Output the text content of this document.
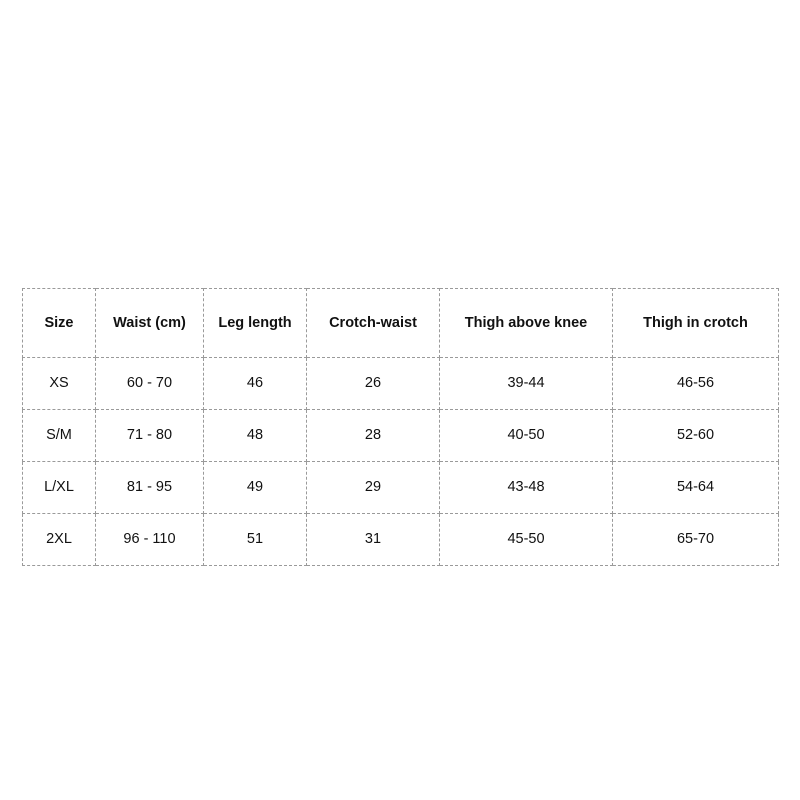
Size	Waist (cm)	Leg length	Crotch-waist	Thigh above knee	Thigh in crotch
XS	60 - 70	46	26	39-44	46-56
S/M	71 - 80	48	28	40-50	52-60
L/XL	81 - 95	49	29	43-48	54-64
2XL	96 - 110	51	31	45-50	65-70
